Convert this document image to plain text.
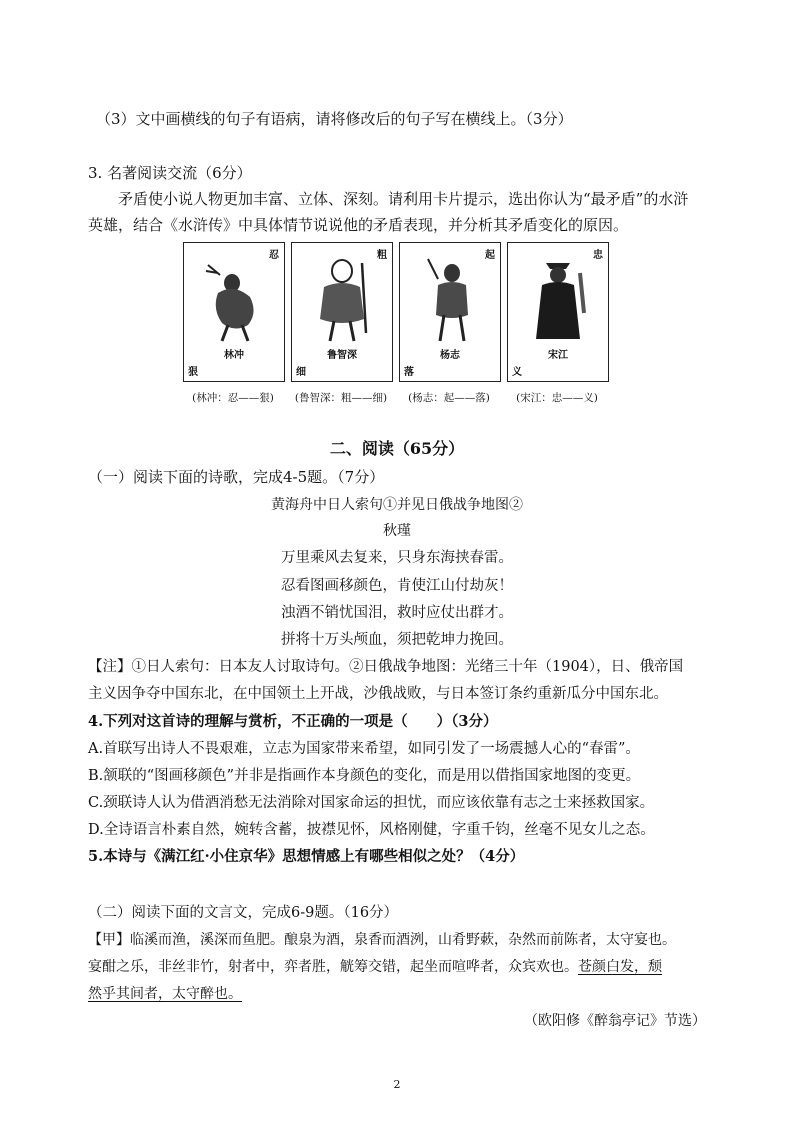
（3）文中画横线的句子有语病，请将修改后的句子写在横线上。（3分）
3. 名著阅读交流（6分）
矛盾使小说人物更加丰富、立体、深刻。请利用卡片提示，选出你认为“最矛盾”的水浒
英雄，结合《水浒传》中具体情节说说他的矛盾表现，并分析其矛盾变化的原因。
忍
林冲
狠
粗
鲁智深
细
起
杨志
落
忠
宋江
义
(林冲：忍——狠)	(鲁智深：粗——细)	(杨志：起——落)	(宋江：忠——义)
二、阅读（65分）
（一）阅读下面的诗歌，完成4-5题。（7分）
黄海舟中日人索句①并见日俄战争地图②
秋瑾
万里乘风去复来，只身东海挟春雷。
忍看图画移颜色，肯使江山付劫灰！
浊酒不销忧国泪，救时应仗出群才。
拼将十万头颅血，须把乾坤力挽回。
【注】①日人索句：日本友人讨取诗句。②日俄战争地图：光绪三十年（1904），日、俄帝国
主义因争夺中国东北，在中国领土上开战，沙俄战败，与日本签订条约重新瓜分中国东北。
4.下列对这首诗的理解与赏析，不正确的一项是（　　）（3分）
A.首联写出诗人不畏艰难，立志为国家带来希望，如同引发了一场震撼人心的“春雷”。
B.颔联的“图画移颜色”并非是指画作本身颜色的变化，而是用以借指国家地图的变更。
C.颈联诗人认为借酒消愁无法消除对国家命运的担忧，而应该依靠有志之士来拯救国家。
D.全诗语言朴素自然，婉转含蓄，披襟见怀，风格刚健，字重千钧，丝毫不见女儿之态。
5.本诗与《满江红·小住京华》思想情感上有哪些相似之处？（4分）
（二）阅读下面的文言文，完成6-9题。（16分）
【甲】临溪而渔，溪深而鱼肥。酿泉为酒，泉香而酒洌，山肴野蔌，杂然而前陈者，太守宴也。
宴酣之乐，非丝非竹，射者中，弈者胜，觥筹交错，起坐而喧哗者，众宾欢也。苍颜白发，颓
然乎其间者，太守醉也。
（欧阳修《醉翁亭记》节选）
2
